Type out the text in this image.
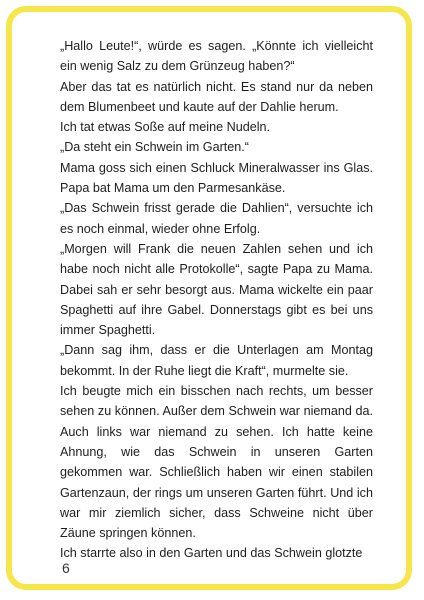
„Hallo Leute!“, würde es sagen. „Könnte ich vielleicht ein wenig Salz zu dem Grünzeug haben?“

Aber das tat es natürlich nicht. Es stand nur da neben dem Blumenbeet und kaute auf der Dahlie herum.

Ich tat etwas Soße auf meine Nudeln.

„Da steht ein Schwein im Garten.“

Mama goss sich einen Schluck Mineralwasser ins Glas. Papa bat Mama um den Parmesankäse.

„Das Schwein frisst gerade die Dahlien“, versuchte ich es noch einmal, wieder ohne Erfolg.

„Morgen will Frank die neuen Zahlen sehen und ich habe noch nicht alle Protokolle“, sagte Papa zu Mama. Dabei sah er sehr besorgt aus. Mama wickelte ein paar Spaghetti auf ihre Gabel. Donnerstags gibt es bei uns immer Spaghetti.

„Dann sag ihm, dass er die Unterlagen am Montag bekommt. In der Ruhe liegt die Kraft“, murmelte sie.

Ich beugte mich ein bisschen nach rechts, um besser sehen zu können. Außer dem Schwein war niemand da. Auch links war niemand zu sehen. Ich hatte keine Ahnung, wie das Schwein in unseren Garten gekommen war. Schließlich haben wir einen stabilen Gartenzaun, der rings um unseren Garten führt. Und ich war mir ziemlich sicher, dass Schweine nicht über Zäune springen können.

Ich starrte also in den Garten und das Schwein glotzte

6
